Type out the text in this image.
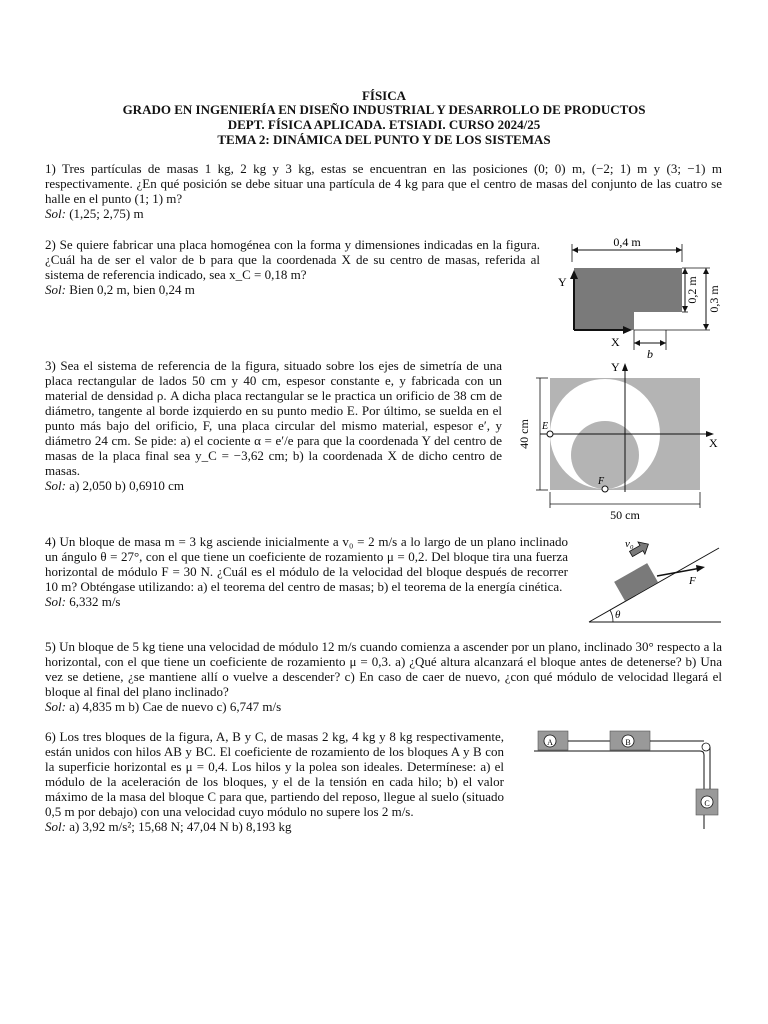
FÍSICA
GRADO EN INGENIERÍA EN DISEÑO INDUSTRIAL Y DESARROLLO DE PRODUCTOS
DEPT. FÍSICA APLICADA. ETSIADI. CURSO 2024/25
TEMA 2: DINÁMICA DEL PUNTO Y DE LOS SISTEMAS

1) Tres partículas de masas 1 kg, 2 kg y 3 kg, estas se encuentran en las posiciones (0; 0) m, (−2; 1) m y (3; −1) m respectivamente. ¿En qué posición se debe situar una partícula de 4 kg para que el centro de masas del conjunto de las cuatro se halle en el punto (1; 1) m?

Sol: (1,25; 2,75) m

2) Se quiere fabricar una placa homogénea con la forma y dimensiones indicadas en la figura. ¿Cuál ha de ser el valor de b para que la coordenada X de su centro de masas, referida al sistema de referencia indicado, sea x_C = 0,18 m?

Sol: Bien 0,2 m, bien 0,24 m

0,4 m
Y
X
0,2 m 0,3 m
b

3) Sea el sistema de referencia de la figura, situado sobre los ejes de simetría de una placa rectangular de lados 50 cm y 40 cm, espesor constante e, y fabricada con un material de densidad ρ. A dicha placa rectangular se le practica un orificio de 38 cm de diámetro, tangente al borde izquierdo en su punto medio E. Por último, se suelda en el punto más bajo del orificio, F, una placa circular del mismo material, espesor e′, y diámetro 24 cm. Se pide: a) el cociente α = e′/e para que la coordenada Y del centro de masas de la placa final sea y_C = −3,62 cm; b) la coordenada X de dicho centro de masas.

Sol: a) 2,050 b) 0,6910 cm

Y
X
E
F
40 cm
50 cm

4) Un bloque de masa m = 3 kg asciende inicialmente a v₀ = 2 m/s a lo largo de un plano inclinado un ángulo θ = 27°, con el que tiene un coeficiente de rozamiento μ = 0,2. Del bloque tira una fuerza horizontal de módulo F = 30 N. ¿Cuál es el módulo de la velocidad del bloque después de recorrer 10 m? Obténgase utilizando: a) el teorema del centro de masas; b) el teorema de la energía cinética.

Sol: 6,332 m/s

θ
F
v₀

5) Un bloque de 5 kg tiene una velocidad de módulo 12 m/s cuando comienza a ascender por un plano, inclinado 30° respecto a la horizontal, con el que tiene un coeficiente de rozamiento μ = 0,3. a) ¿Qué altura alcanzará el bloque antes de detenerse? b) Una vez se detiene, ¿se mantiene allí o vuelve a descender? c) En caso de caer de nuevo, ¿con qué módulo de velocidad llegará el bloque al final del plano inclinado?

Sol: a) 4,835 m b) Cae de nuevo c) 6,747 m/s

6) Los tres bloques de la figura, A, B y C, de masas 2 kg, 4 kg y 8 kg respectivamente, están unidos con hilos AB y BC. El coeficiente de rozamiento de los bloques A y B con la superficie horizontal es μ = 0,4. Los hilos y la polea son ideales. Determínese: a) el módulo de la aceleración de los bloques, y el de la tensión en cada hilo; b) el valor máximo de la masa del bloque C para que, partiendo del reposo, llegue al suelo (situado 0,5 m por debajo) con una velocidad cuyo módulo no supere los 2 m/s.

Sol: a) 3,92 m/s²; 15,68 N; 47,04 N b) 8,193 kg

A	B
C
